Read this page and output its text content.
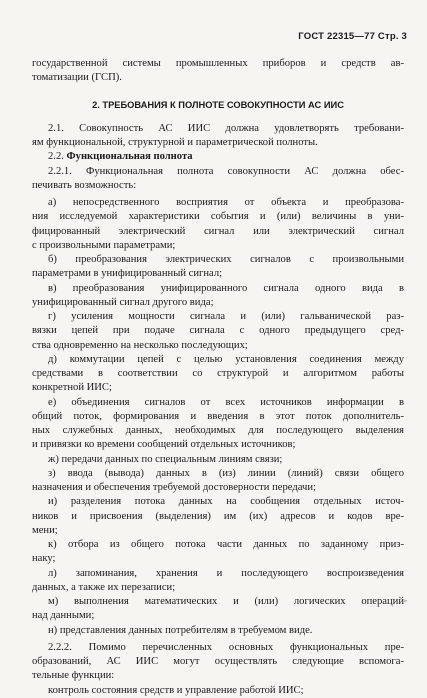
ГОСТ 22315—77 Стр. 3
государственной системы промышленных приборов и средств ав-
томатизации (ГСП).
2. ТРЕБОВАНИЯ К ПОЛНОТЕ СОВОКУПНОСТИ АС ИИС
2.1. Совокупность АС ИИС должна удовлетворять требовани-
ям функциональной, структурной и параметрической полноты.
2.2. Функциональная полнота
2.2.1. Функциональная полнота совокупности АС должна обес-
печивать возможность:
а) непосредственного восприятия от объекта и преобразова-
ния исследуемой характеристики события и (или) величины в уни-
фицированный электрический сигнал или электрический сигнал
с произвольными параметрами;
б) преобразования электрических сигналов с произвольными
параметрами в унифицированный сигнал;
в) преобразования унифицированного сигнала одного вида в
унифицированный сигнал другого вида;
г) усиления мощности сигнала и (или) гальванической раз-
вязки цепей при подаче сигнала с одного предыдущего сред-
ства одновременно на несколько последующих;
д) коммутации цепей с целью установления соединения между
средствами в соответствии со структурой и алгоритмом работы
конкретной ИИС;
е) объединения сигналов от всех источников информации в
общий поток, формирования и введения в этот поток дополнитель-
ных служебных данных, необходимых для последующего выделения
и привязки ко времени сообщений отдельных источников;
ж) передачи данных по специальным линиям связи;
з) ввода (вывода) данных в (из) линии (линий) связи общего
назначения и обеспечения требуемой достоверности передачи;
и) разделения потока данных на сообщения отдельных источ-
ников и присвоения (выделения) им (их) адресов и кодов вре-
мени;
к) отбора из общего потока части данных по заданному приз-
наку;
л) запоминания, хранения и последующего воспроизведения
данных, а также их перезаписи;
м) выполнения математических и (или) логических операций
над данными;
н) представления данных потребителям в требуемом виде.
2.2.2. Помимо перечисленных основных функциональных пре-
образований, АС ИИС могут осуществлять следующие вспомога-
тельные функции:
контроль состояния средств и управление работой ИИС;
»
